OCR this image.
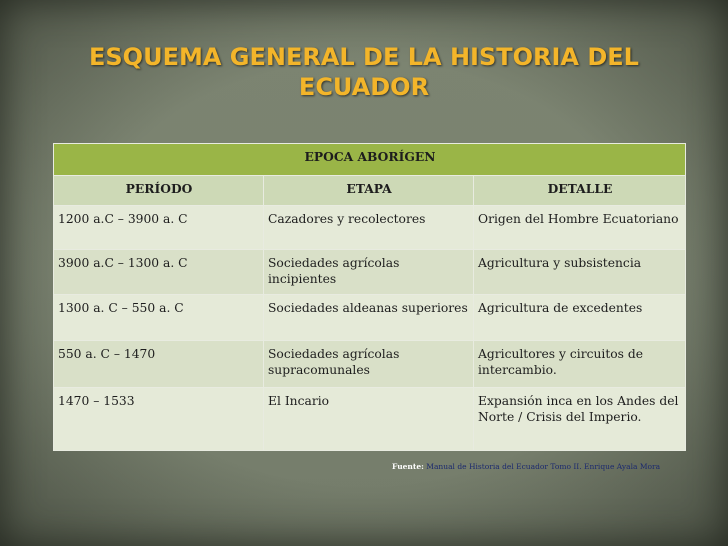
ESQUEMA GENERAL DE LA HISTORIA DEL
ECUADOR
EPOCA ABORÍGEN		
PERÍODO	ETAPA	DETALLE
1200 a.C – 3900 a. C	Cazadores y recolectores	Origen del Hombre Ecuatoriano
3900 a.C – 1300 a. C	Sociedades agrícolas incipientes	Agricultura y subsistencia
1300 a. C – 550 a. C	Sociedades aldeanas superiores	Agricultura de excedentes
550 a. C – 1470	Sociedades agrícolas supracomunales	Agricultores y circuitos de intercambio.
1470 – 1533	El Incario	Expansión inca en los Andes del Norte / Crisis del Imperio.
Fuente: Manual de Historia del Ecuador Tomo II. Enrique Ayala Mora
